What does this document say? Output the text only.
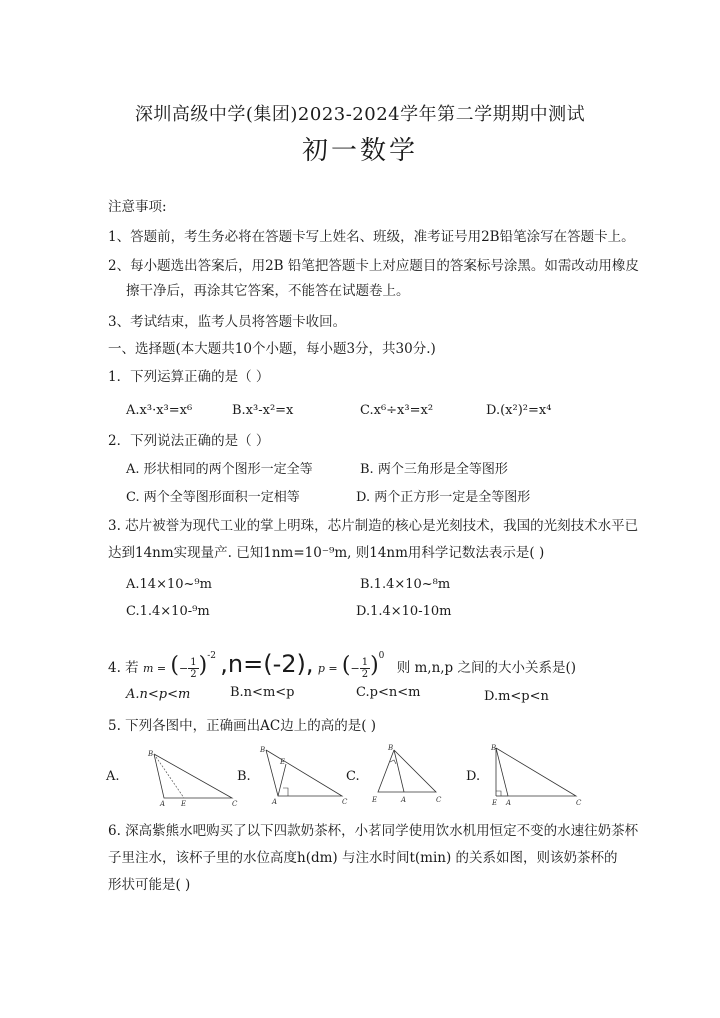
深圳高级中学(集团)2023-2024学年第二学期期中测试
初一数学
注意事项:
1、答题前，考生务必将在答题卡写上姓名、班级，准考证号用2B铅笔涂写在答题卡上。
2、每小题选出答案后，用2B 铅笔把答题卡上对应题目的答案标号涂黑。如需改动用橡皮
擦干净后，再涂其它答案，不能答在试题卷上。
3、考试结束，监考人员将答题卡收回。
一、选择题(本大题共10个小题，每小题3分，共30分.)
1．下列运算正确的是（ ）
A.x³·x³=x⁶	B.x³-x²=x	C.x⁶÷x³=x²	D.(x²)²=x⁴
2．下列说法正确的是（ ）
A. 形状相同的两个图形一定全等	B. 两个三角形是全等图形
C. 两个全等图形面积一定相等	D. 两个正方形一定是全等图形
3. 芯片被誉为现代工业的掌上明珠，芯片制造的核心是光刻技术，我国的光刻技术水平已
达到14nm实现量产. 已知1nm=10⁻⁹m, 则14nm用科学记数法表示是( )
A.14×10~⁹m	B.1.4×10~⁸m
C.1.4×10-⁹m	D.1.4×10-10m
4. 若 m = (− $\frac{1}{2} )^{-2}$ ,n=(-2), p = (− $\frac{1}{2} )^0$ 则 m,n,p 之间的大小关系是()
A.n<p<m	B.n<m<p	C.p<n<m	D.m<p<n
5. 下列各图中，正确画出AC边上的高的是( )
A.	B.	C.	D.
B
A E	C
B
E
A	C
B
E	A	C
B
E A	C
6. 深高紫熊水吧购买了以下四款奶茶杯，小茗同学使用饮水机用恒定不变的水速往奶茶杯
子里注水，该杯子里的水位高度h(dm) 与注水时间t(min) 的关系如图，则该奶茶杯的
形状可能是( )
